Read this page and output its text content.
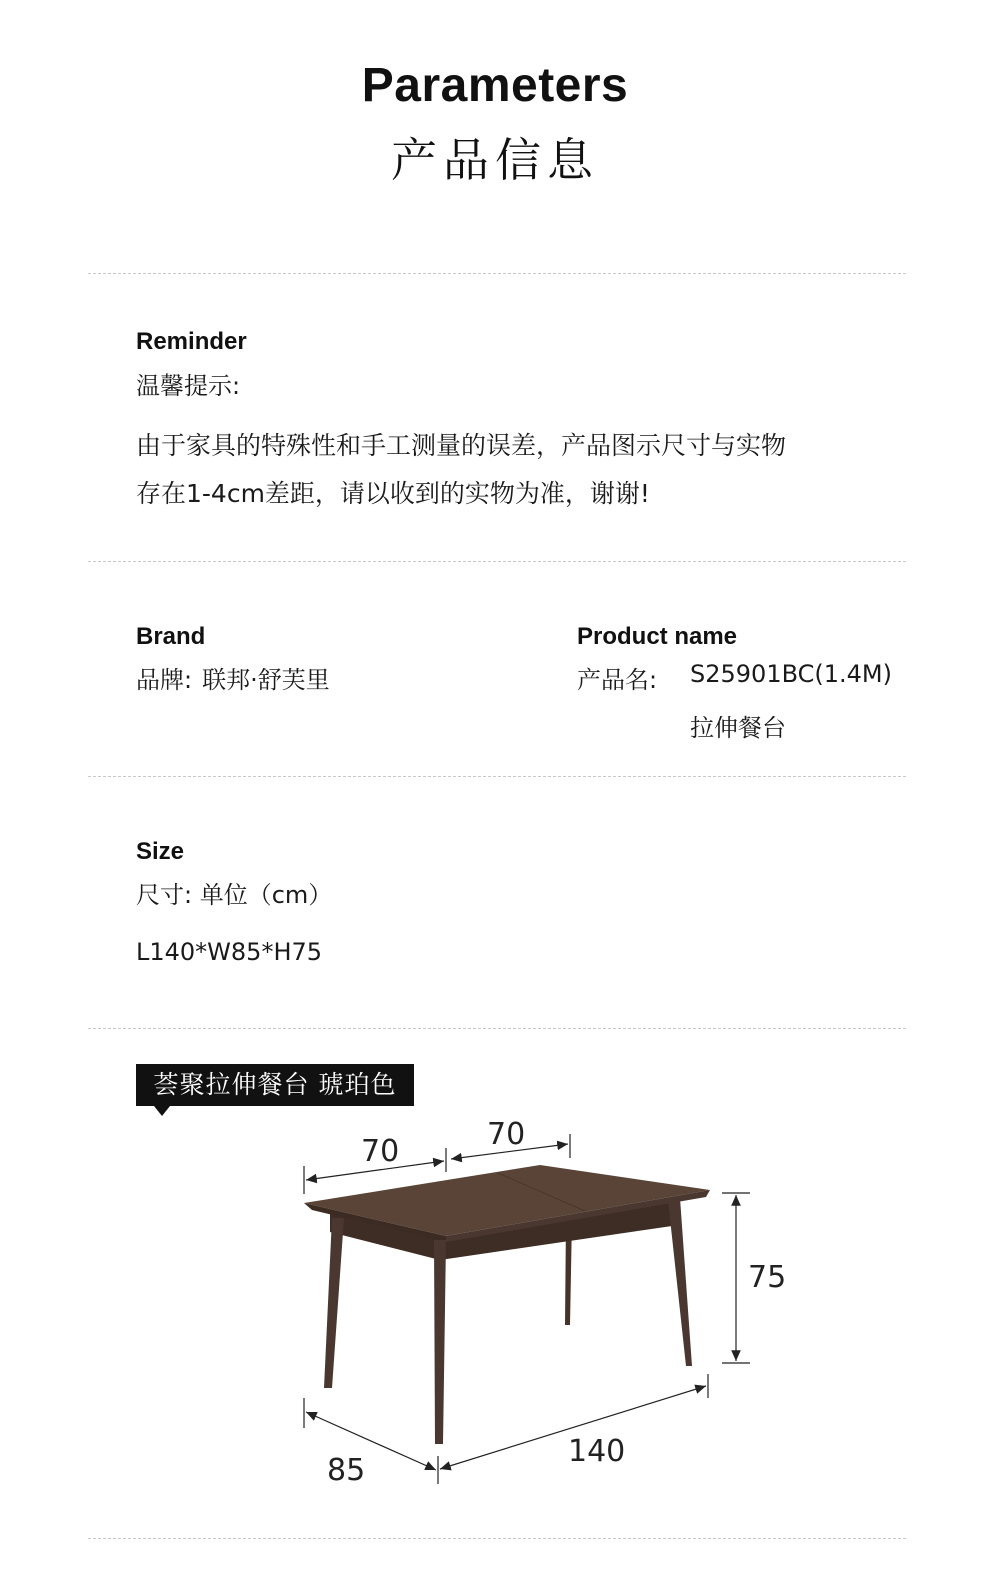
Parameters
产品信息
Reminder
温馨提示:
由于家具的特殊性和手工测量的误差，产品图示尺寸与实物
存在1-4cm差距，请以收到的实物为准，谢谢!
Brand
品牌: 联邦·舒芙里
Product name
产品名: S25901BC(1.4M)
拉伸餐台
Size
尺寸: 单位（cm）
L140*W85*H75
荟聚拉伸餐台 琥珀色
70	70
75
85
140
